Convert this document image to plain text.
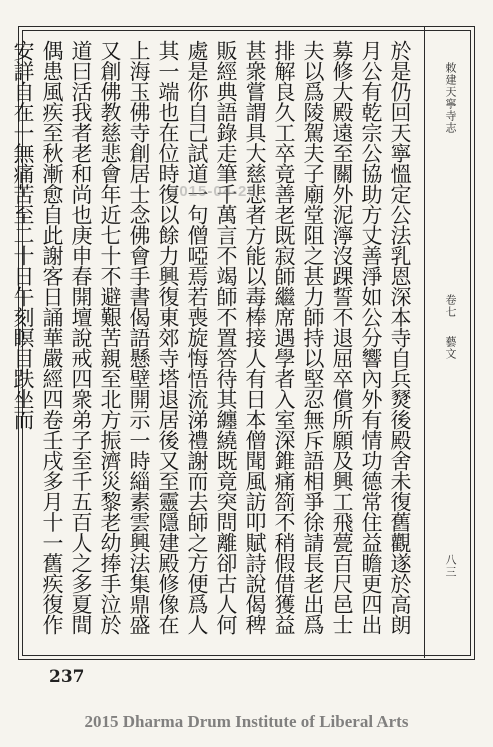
敕建天寧寺志
卷七
藝文
八三

於是仍回天寧慍定公法乳恩深本寺自兵燹後殿舍未復舊觀遂於高朗月公有乾宗公協助方丈善淨如公分響內外有情功德常住益瞻更四出募修大殿遠至關外泥濘沒踝誓不退屈卒償所願及興工飛甍百尺邑士夫以爲陵駕夫子廟堂阻之甚力師持以堅忍無斥語相爭徐請長老出爲排解良久工卒竟善老既寂師繼席遇學者入室深錐痛箚不稍假借獲益甚衆嘗謂具大慈悲者方能以毒棒接人有日本僧聞風訪叩賦詩說偈稗販經典語錄走筆千萬言不竭師不置答待其纏繞既竟突問離卻古人何處是你自己試道一句僧啞焉若喪旋悔悟流涕禮謝而去師之方便爲人其一端也在位時復以餘力興復東郊寺塔退居後又至靈隱建殿修像在上海玉佛寺創居士念佛會手書偈語懸壁開示一時緇素雲興法集鼎盛又創佛教慈悲會年近七十不避艱苦親至北方振濟災黎老幼捧手泣於道曰活我者老和尚也庚申春開壇說戒四衆弟子至千五百人之多夏間偶患風疾至秋漸愈自此謝客日誦華嚴經四卷壬戌多月十一舊疾復作安詳自在一無痛苦至二十日午刻瞑目趺坐而	2015-04-26
237
2015 Dharma Drum Institute of Liberal Arts
